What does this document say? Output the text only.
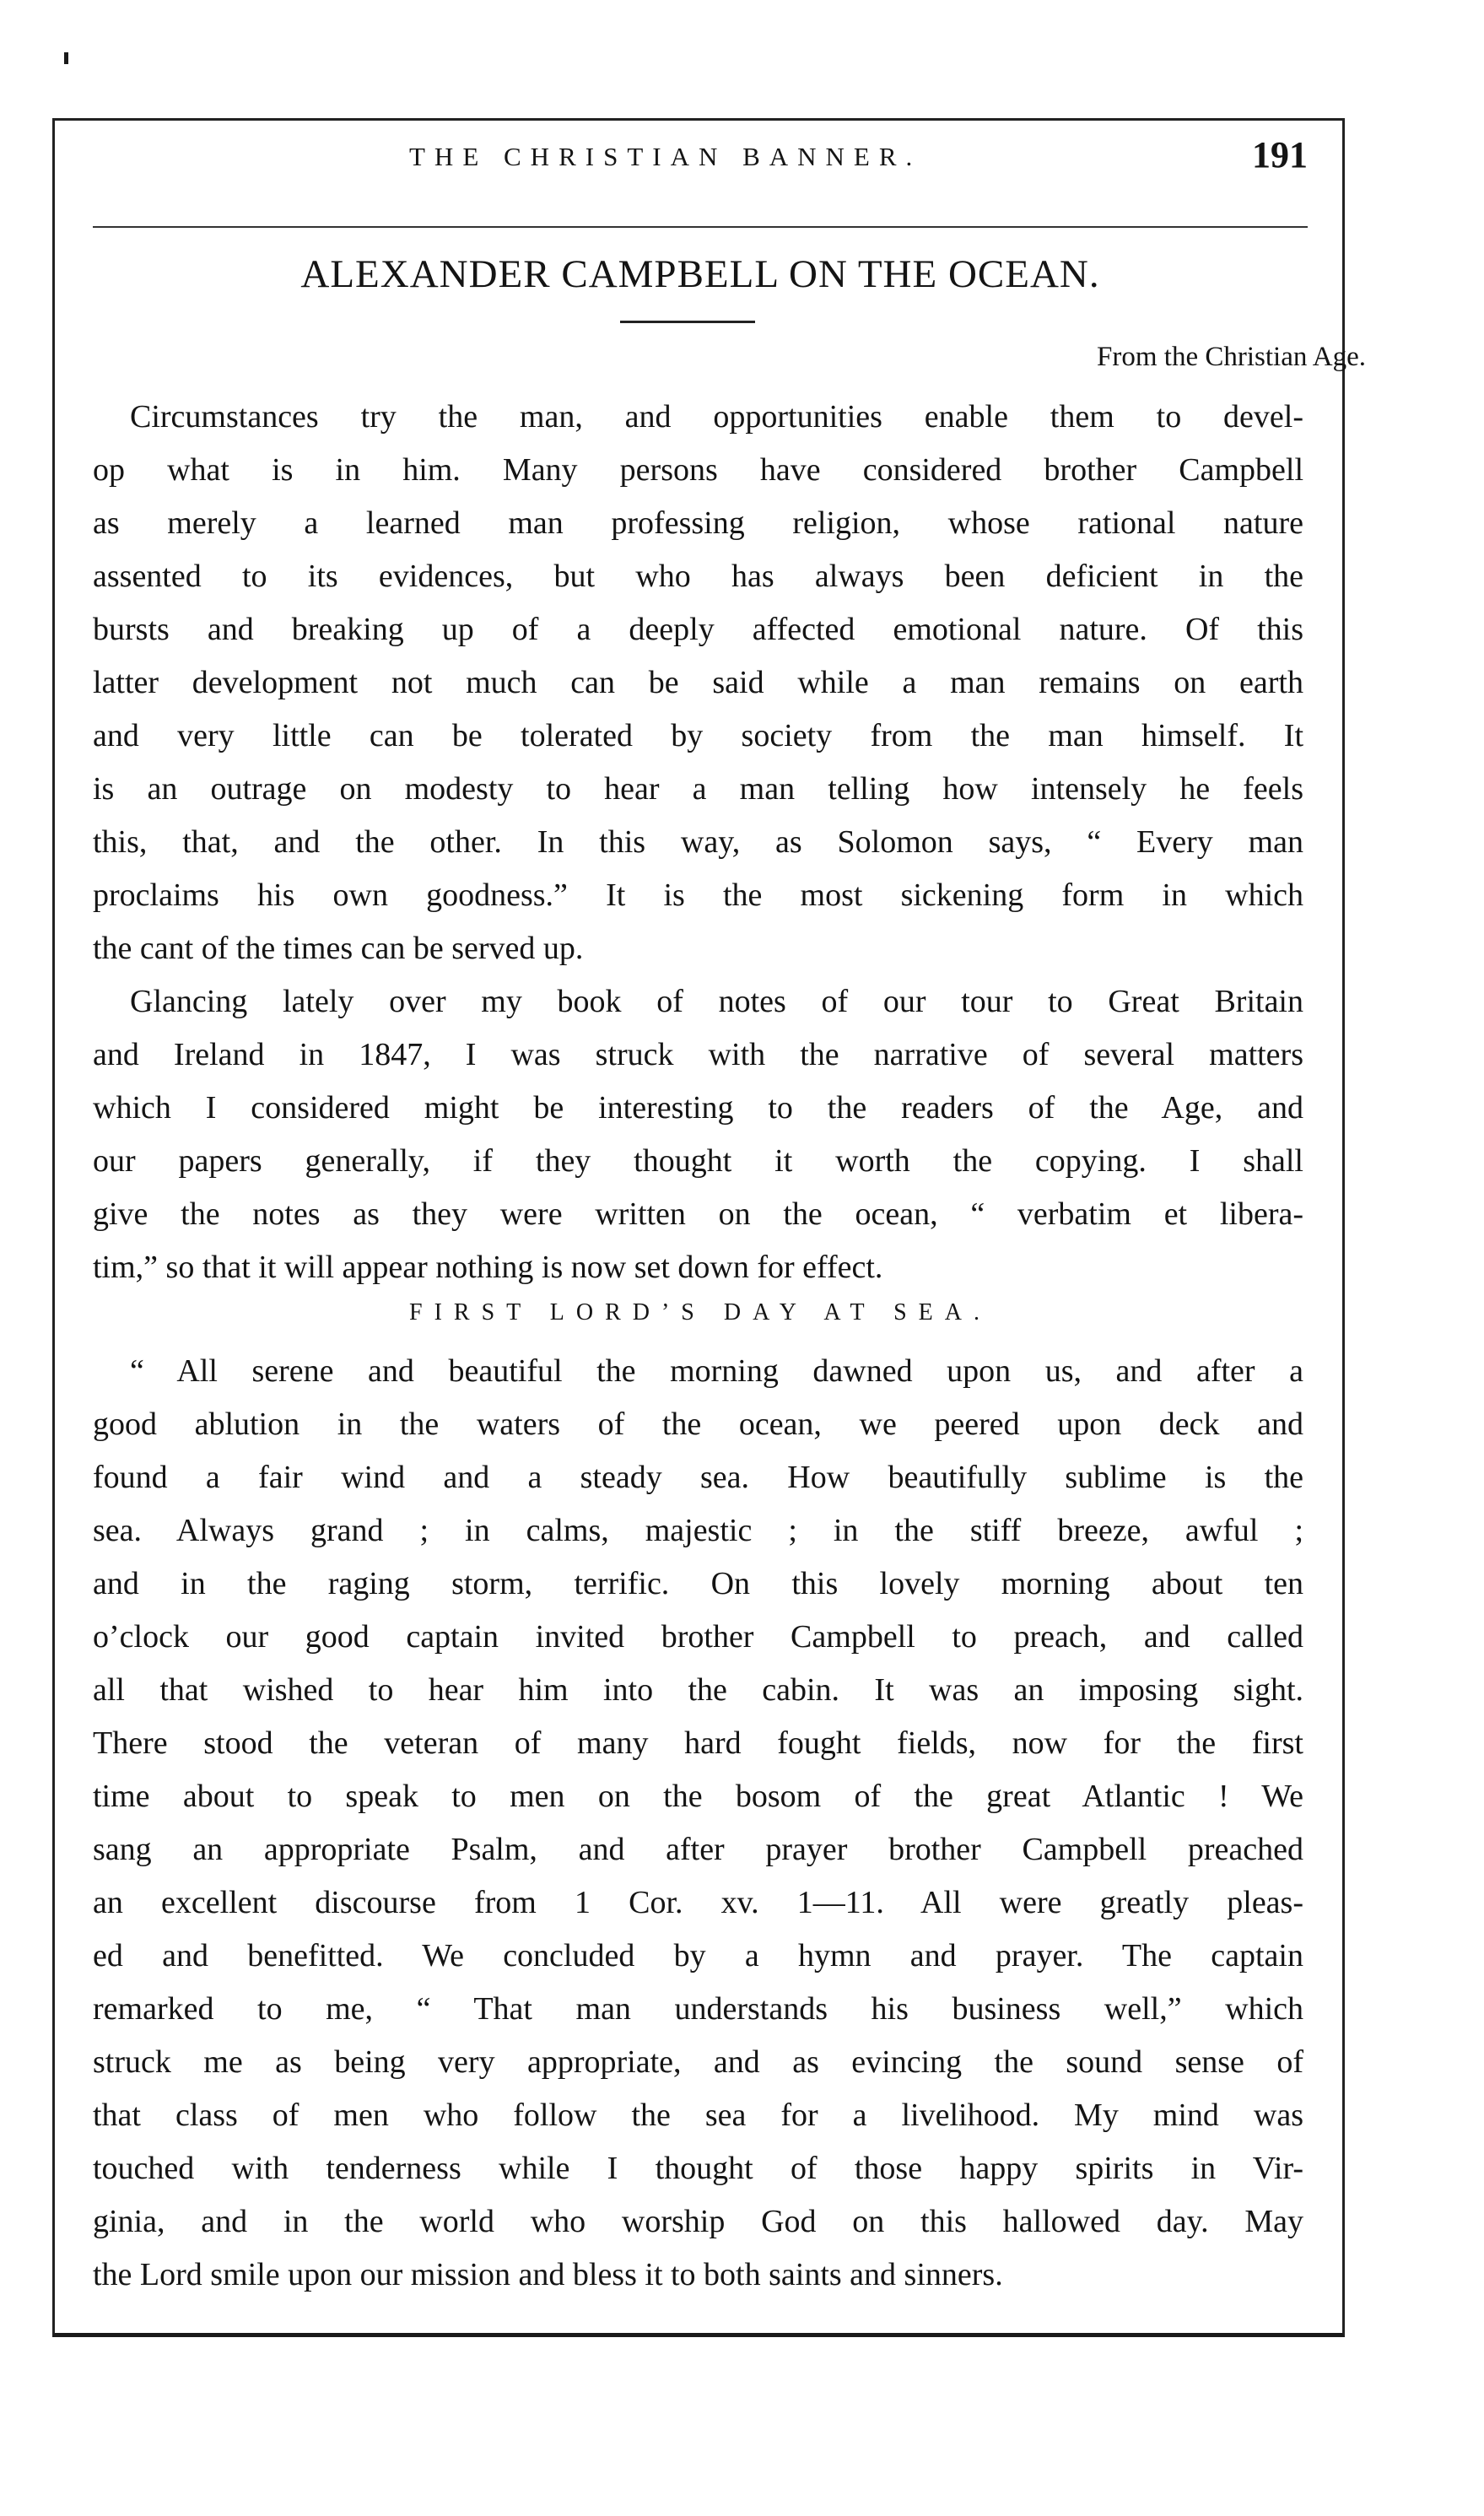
THE CHRISTIAN BANNER.	191
ALEXANDER CAMPBELL ON THE OCEAN.
From the Christian Age.
Circumstances try the man, and opportunities enable them to devel-
op what is in him. Many persons have considered brother Campbell
as merely a learned man professing religion, whose rational nature
assented to its evidences, but who has always been deficient in the
bursts and breaking up of a deeply affected emotional nature. Of this
latter development not much can be said while a man remains on earth
and very little can be tolerated by society from the man himself. It
is an outrage on modesty to hear a man telling how intensely he feels
this, that, and the other. In this way, as Solomon says, “ Every man
proclaims his own goodness.” It is the most sickening form in which
the cant of the times can be served up.
Glancing lately over my book of notes of our tour to Great Britain
and Ireland in 1847, I was struck with the narrative of several matters
which I considered might be interesting to the readers of the Age, and
our papers generally, if they thought it worth the copying. I shall
give the notes as they were written on the ocean, “ verbatim et libera-
tim,” so that it will appear nothing is now set down for effect.
FIRST LORD’S DAY AT SEA.
“ All serene and beautiful the morning dawned upon us, and after a
good ablution in the waters of the ocean, we peered upon deck and
found a fair wind and a steady sea. How beautifully sublime is the
sea. Always grand ; in calms, majestic ; in the stiff breeze, awful ;
and in the raging storm, terrific. On this lovely morning about ten
o’clock our good captain invited brother Campbell to preach, and called
all that wished to hear him into the cabin. It was an imposing sight.
There stood the veteran of many hard fought fields, now for the first
time about to speak to men on the bosom of the great Atlantic ! We
sang an appropriate Psalm, and after prayer brother Campbell preached
an excellent discourse from 1 Cor. xv. 1—11. All were greatly pleas-
ed and benefitted. We concluded by a hymn and prayer. The captain
remarked to me, “ That man understands his business well,” which
struck me as being very appropriate, and as evincing the sound sense of
that class of men who follow the sea for a livelihood. My mind was
touched with tenderness while I thought of those happy spirits in Vir-
ginia, and in the world who worship God on this hallowed day. May
the Lord smile upon our mission and bless it to both saints and sinners.
